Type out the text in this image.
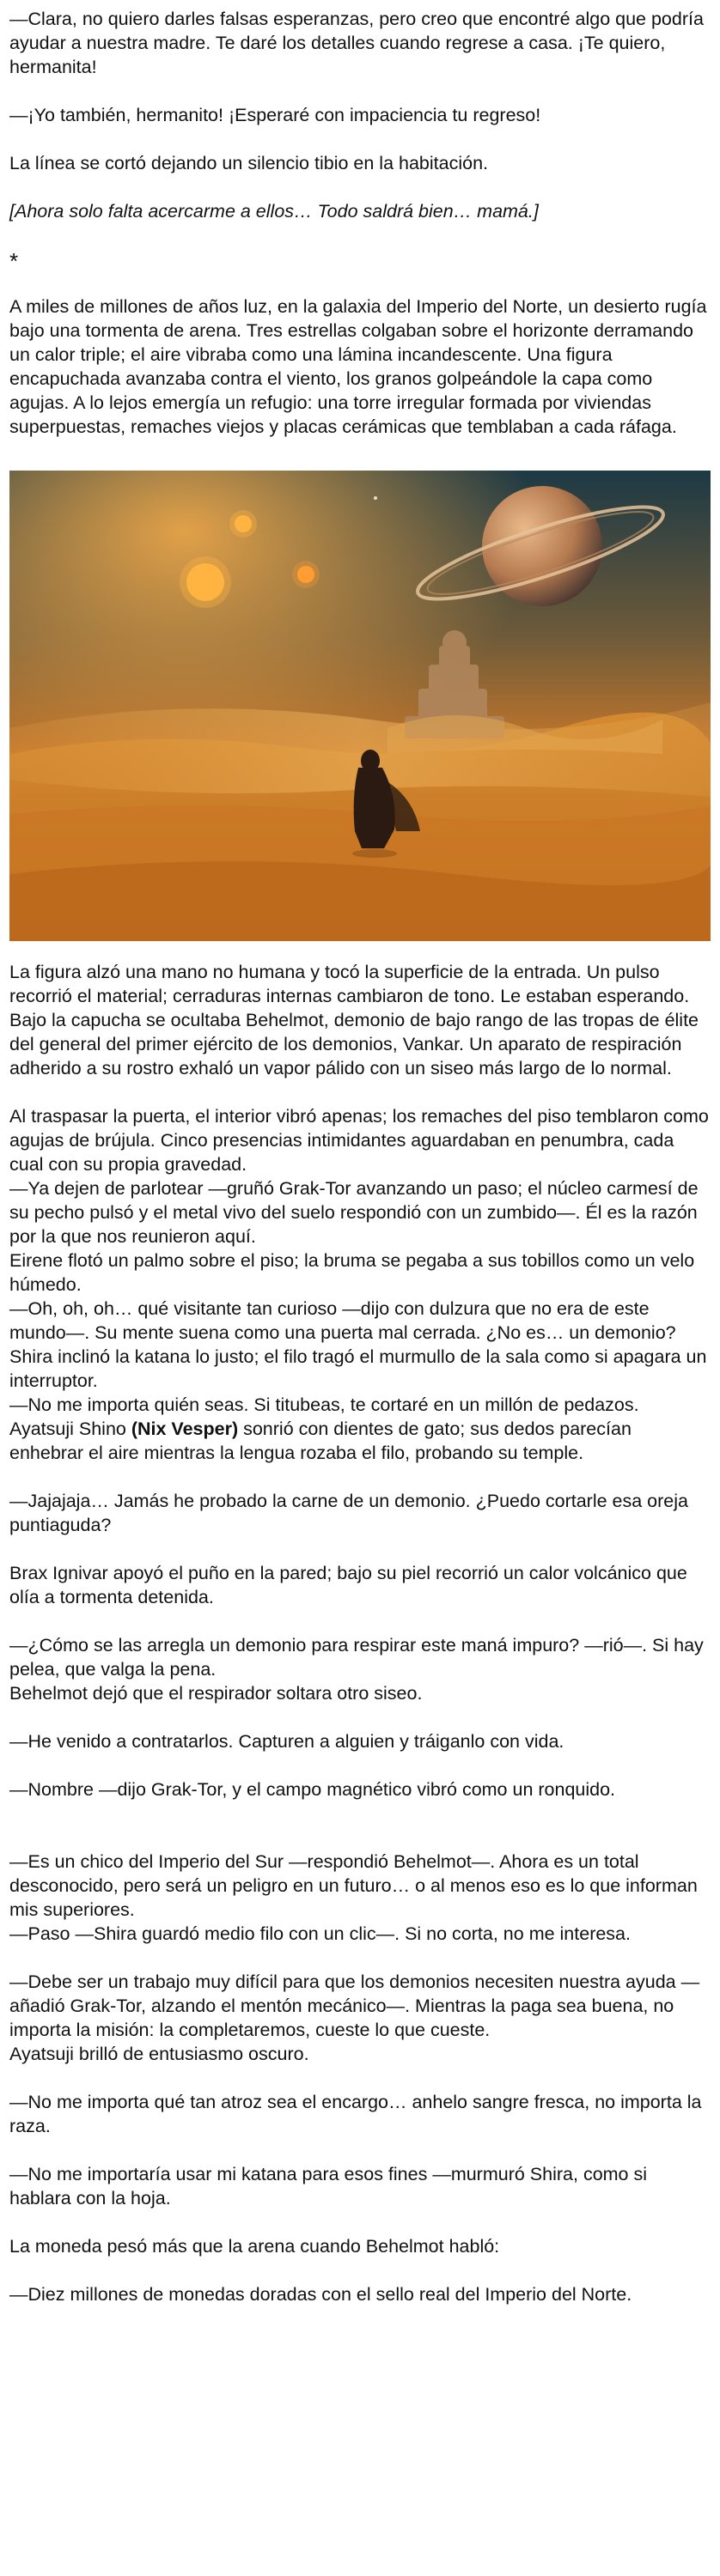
—Clara, no quiero darles falsas esperanzas, pero creo que encontré algo que podría ayudar a nuestra madre. Te daré los detalles cuando regrese a casa. ¡Te quiero, hermanita!

—¡Yo también, hermanito! ¡Esperaré con impaciencia tu regreso!

La línea se cortó dejando un silencio tibio en la habitación.

[Ahora solo falta acercarme a ellos… Todo saldrá bien… mamá.]

*

A miles de millones de años luz, en la galaxia del Imperio del Norte, un desierto rugía bajo una tormenta de arena. Tres estrellas colgaban sobre el horizonte derramando un calor triple; el aire vibraba como una lámina incandescente. Una figura encapuchada avanzaba contra el viento, los granos golpeándole la capa como agujas. A lo lejos emergía un refugio: una torre irregular formada por viviendas superpuestas, remaches viejos y placas cerámicas que temblaban a cada ráfaga.

La figura alzó una mano no humana y tocó la superficie de la entrada. Un pulso recorrió el material; cerraduras internas cambiaron de tono. Le estaban esperando.

Bajo la capucha se ocultaba Behelmot, demonio de bajo rango de las tropas de élite del general del primer ejército de los demonios, Vankar. Un aparato de respiración adherido a su rostro exhaló un vapor pálido con un siseo más largo de lo normal.

Al traspasar la puerta, el interior vibró apenas; los remaches del piso temblaron como agujas de brújula. Cinco presencias intimidantes aguardaban en penumbra, cada cual con su propia gravedad.

—Ya dejen de parlotear —gruñó Grak-Tor avanzando un paso; el núcleo carmesí de su pecho pulsó y el metal vivo del suelo respondió con un zumbido—. Él es la razón por la que nos reunieron aquí.

Eirene flotó un palmo sobre el piso; la bruma se pegaba a sus tobillos como un velo húmedo.

—Oh, oh, oh… qué visitante tan curioso —dijo con dulzura que no era de este mundo—. Su mente suena como una puerta mal cerrada. ¿No es… un demonio?

Shira inclinó la katana lo justo; el filo tragó el murmullo de la sala como si apagara un interruptor.

—No me importa quién seas. Si titubeas, te cortaré en un millón de pedazos.

Ayatsuji Shino (Nix Vesper) sonrió con dientes de gato; sus dedos parecían enhebrar el aire mientras la lengua rozaba el filo, probando su temple.

—Jajajaja… Jamás he probado la carne de un demonio. ¿Puedo cortarle esa oreja puntiaguda?

Brax Ignivar apoyó el puño en la pared; bajo su piel recorrió un calor volcánico que olía a tormenta detenida.

—¿Cómo se las arregla un demonio para respirar este maná impuro? —rió—. Si hay pelea, que valga la pena.

Behelmot dejó que el respirador soltara otro siseo.

—He venido a contratarlos. Capturen a alguien y tráiganlo con vida.

—Nombre —dijo Grak-Tor, y el campo magnético vibró como un ronquido.

—Es un chico del Imperio del Sur —respondió Behelmot—. Ahora es un total desconocido, pero será un peligro en un futuro… o al menos eso es lo que informan mis superiores.

—Paso —Shira guardó medio filo con un clic—. Si no corta, no me interesa.

—Debe ser un trabajo muy difícil para que los demonios necesiten nuestra ayuda —añadió Grak-Tor, alzando el mentón mecánico—. Mientras la paga sea buena, no importa la misión: la completaremos, cueste lo que cueste.

Ayatsuji brilló de entusiasmo oscuro.

—No me importa qué tan atroz sea el encargo… anhelo sangre fresca, no importa la raza.

—No me importaría usar mi katana para esos fines —murmuró Shira, como si hablara con la hoja.

La moneda pesó más que la arena cuando Behelmot habló:

—Diez millones de monedas doradas con el sello real del Imperio del Norte.
